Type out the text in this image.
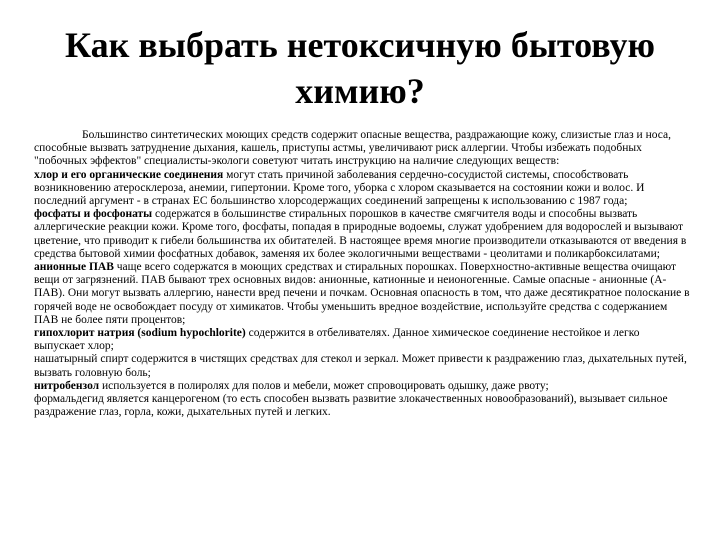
Как выбрать нетоксичную бытовую химию?

Большинство синтетических моющих средств содержит опасные вещества, раздражающие кожу, слизистые глаз и носа, способные вызвать затруднение дыхания, кашель, приступы астмы, увеличивают риск аллергии. Чтобы избежать подобных "побочных эффектов" специалисты-экологи советуют читать инструкцию на наличие следующих веществ:

хлор и его органические соединения могут стать причиной заболевания сердечно-сосудистой системы, способствовать возникновению атеросклероза, анемии, гипертонии. Кроме того, уборка с хлором сказывается на состоянии кожи и волос. И последний аргумент - в странах ЕС большинство хлорсодержащих соединений запрещены к использованию с 1987 года;

фосфаты и фосфонаты содержатся в большинстве стиральных порошков в качестве смягчителя воды и способны вызвать аллергические реакции кожи. Кроме того, фосфаты, попадая в природные водоемы, служат удобрением для водорослей и вызывают цветение, что приводит к гибели большинства их обитателей. В настоящее время многие производители отказываются от введения в средства бытовой химии фосфатных добавок, заменяя их более экологичными веществами - цеолитами и поликарбоксилатами;

анионные ПАВ чаще всего содержатся в моющих средствах и стиральных порошках. Поверхностно-активные вещества очищают вещи от загрязнений. ПАВ бывают трех основных видов: анионные, катионные и неионогенные. Самые опасные - анионные (А-ПАВ). Они могут вызвать аллергию, нанести вред печени и почкам. Основная опасность в том, что даже десятикратное полоскание в горячей воде не освобождает посуду от химикатов. Чтобы уменьшить вредное воздействие, используйте средства с содержанием ПАВ не более пяти процентов;

гипохлорит натрия (sodium hypochlorite) содержится в отбеливателях. Данное химическое соединение нестойкое и легко выпускает хлор;

нашатырный спирт содержится в чистящих средствах для стекол и зеркал. Может привести к раздражению глаз, дыхательных путей, вызвать головную боль;

нитробензол используется в полиролях для полов и мебели, может спровоцировать одышку, даже рвоту;

формальдегид является канцерогеном (то есть способен вызвать развитие злокачественных новообразований), вызывает сильное раздражение глаз, горла, кожи, дыхательных путей и легких.
